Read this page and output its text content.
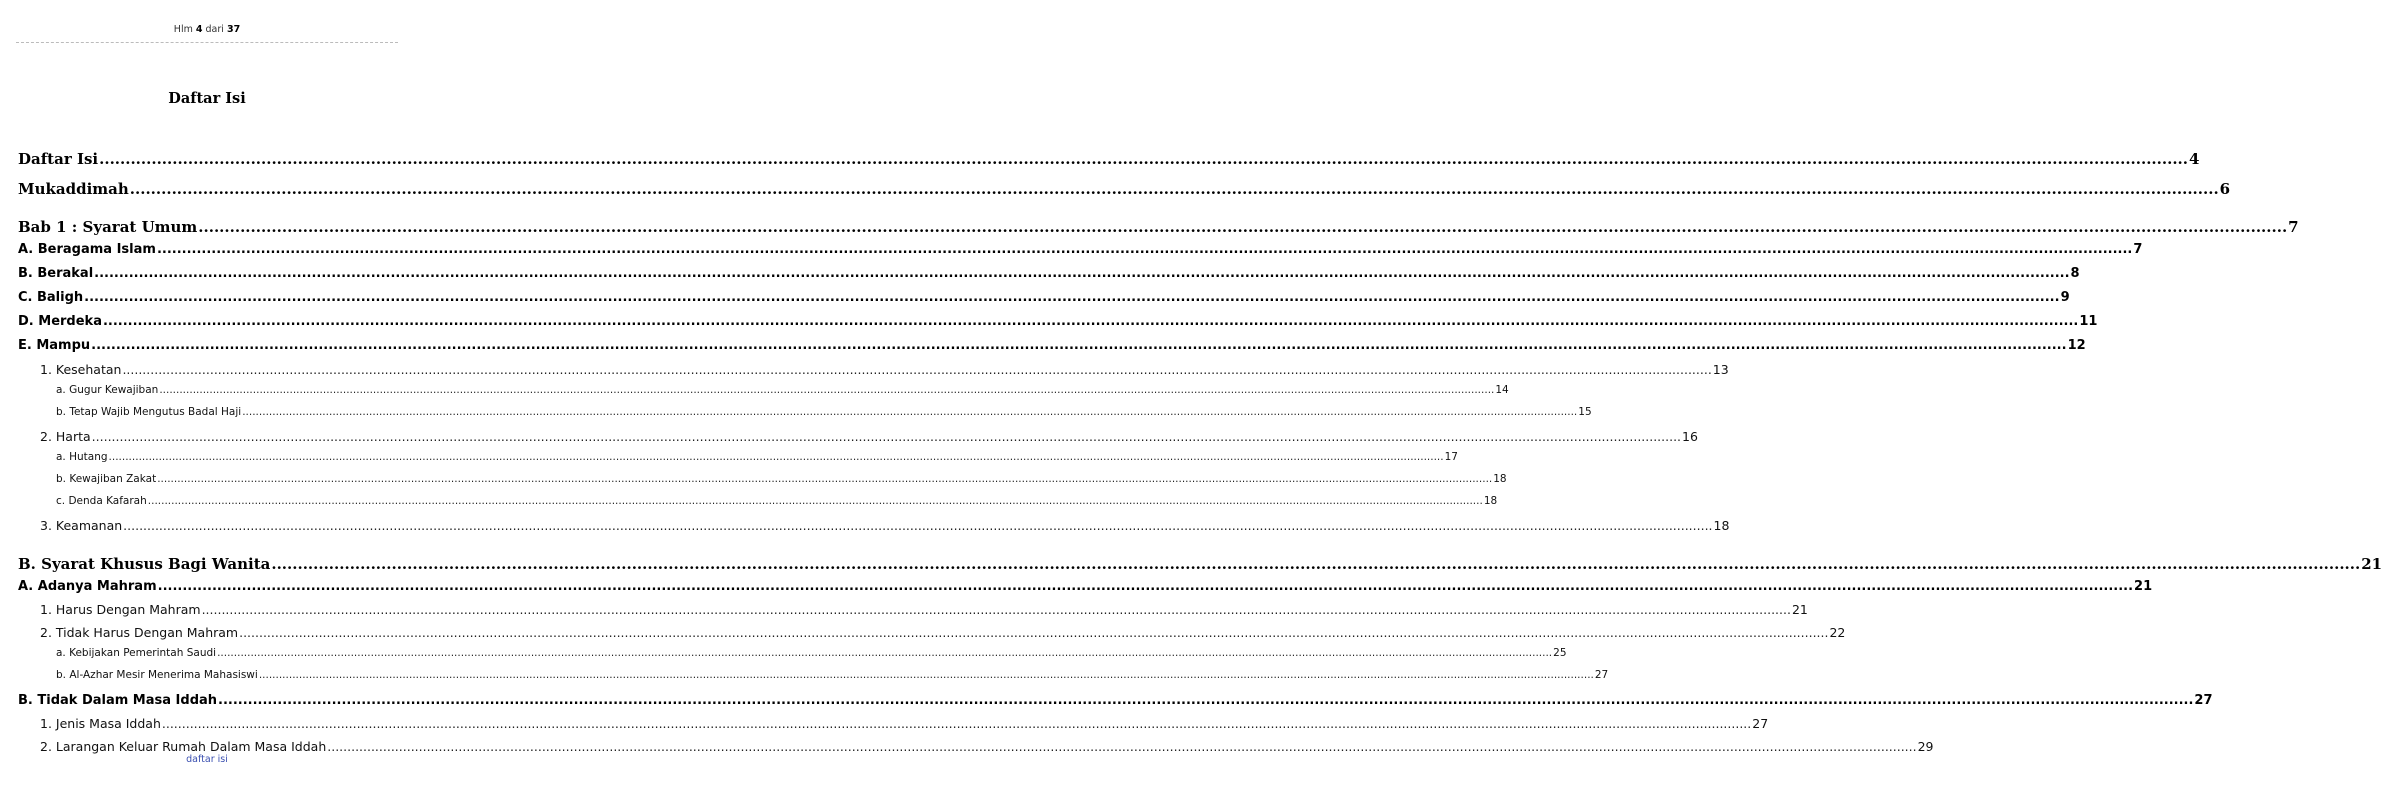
Hlm 4 dari 37
Daftar Isi
Daftar Isi ................................................................................................................................................................................................................................................................................................................................................................................................................ 4
Mukaddimah ................................................................................................................................................................................................................................................................................................................................................................................................................ 6
Bab 1 : Syarat Umum ................................................................................................................................................................................................................................................................................................................................................................................................................ 7
A. Beragama Islam ................................................................................................................................................................................................................................................................................................................................................................................................................ 7
B. Berakal ................................................................................................................................................................................................................................................................................................................................................................................................................ 8
C. Baligh ................................................................................................................................................................................................................................................................................................................................................................................................................ 9
D. Merdeka ................................................................................................................................................................................................................................................................................................................................................................................................................ 11
E. Mampu ................................................................................................................................................................................................................................................................................................................................................................................................................ 12
1. Kesehatan ................................................................................................................................................................................................................................................................................................................................................................................................................ 13
a. Gugur Kewajiban ................................................................................................................................................................................................................................................................................................................................................................................................................ 14
b. Tetap Wajib Mengutus Badal Haji ................................................................................................................................................................................................................................................................................................................................................................................................................ 15
2. Harta ................................................................................................................................................................................................................................................................................................................................................................................................................ 16
a. Hutang ................................................................................................................................................................................................................................................................................................................................................................................................................ 17
b. Kewajiban Zakat ................................................................................................................................................................................................................................................................................................................................................................................................................ 18
c. Denda Kafarah ................................................................................................................................................................................................................................................................................................................................................................................................................ 18
3. Keamanan ................................................................................................................................................................................................................................................................................................................................................................................................................ 18
B. Syarat Khusus Bagi Wanita ................................................................................................................................................................................................................................................................................................................................................................................................................ 21
A. Adanya Mahram ................................................................................................................................................................................................................................................................................................................................................................................................................ 21
1. Harus Dengan Mahram ................................................................................................................................................................................................................................................................................................................................................................................................................ 21
2. Tidak Harus Dengan Mahram ................................................................................................................................................................................................................................................................................................................................................................................................................ 22
a. Kebijakan Pemerintah Saudi ................................................................................................................................................................................................................................................................................................................................................................................................................ 25
b. Al-Azhar Mesir Menerima Mahasiswi ................................................................................................................................................................................................................................................................................................................................................................................................................ 27
B. Tidak Dalam Masa Iddah ................................................................................................................................................................................................................................................................................................................................................................................................................ 27
1. Jenis Masa Iddah ................................................................................................................................................................................................................................................................................................................................................................................................................ 27
2. Larangan Keluar Rumah Dalam Masa Iddah ................................................................................................................................................................................................................................................................................................................................................................................................................ 29
daftar isi
